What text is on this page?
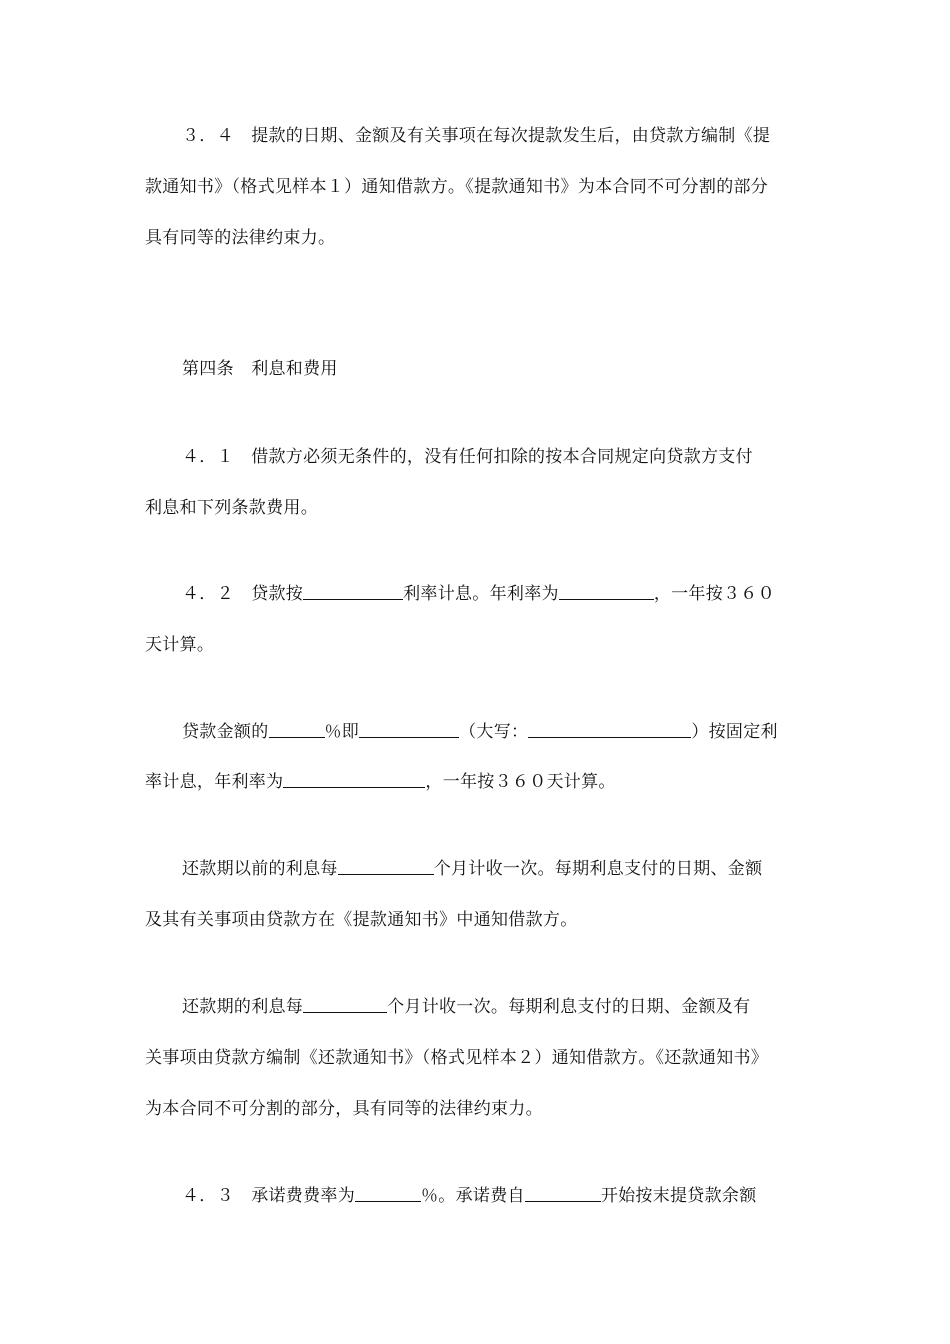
３．４　提款的日期、金额及有关事项在每次提款发生后，由贷款方编制《提
款通知书》（格式见样本１）通知借款方。《提款通知书》为本合同不可分割的部分
具有同等的法律约束力。
第四条　利息和费用
４．１　借款方必须无条件的，没有任何扣除的按本合同规定向贷款方支付
利息和下列条款费用。
４．２　贷款按	利率计息。年利率为	，一年按３６０
天计算。
贷款金额的	％即	（大写：	）按固定利
率计息，年利率为	，一年按３６０天计算。
还款期以前的利息每	个月计收一次。每期利息支付的日期、金额
及其有关事项由贷款方在《提款通知书》中通知借款方。
还款期的利息每	个月计收一次。每期利息支付的日期、金额及有
关事项由贷款方编制《还款通知书》（格式见样本２）通知借款方。《还款通知书》
为本合同不可分割的部分，具有同等的法律约束力。
４．３　承诺费费率为	％。承诺费自	开始按末提贷款余额
